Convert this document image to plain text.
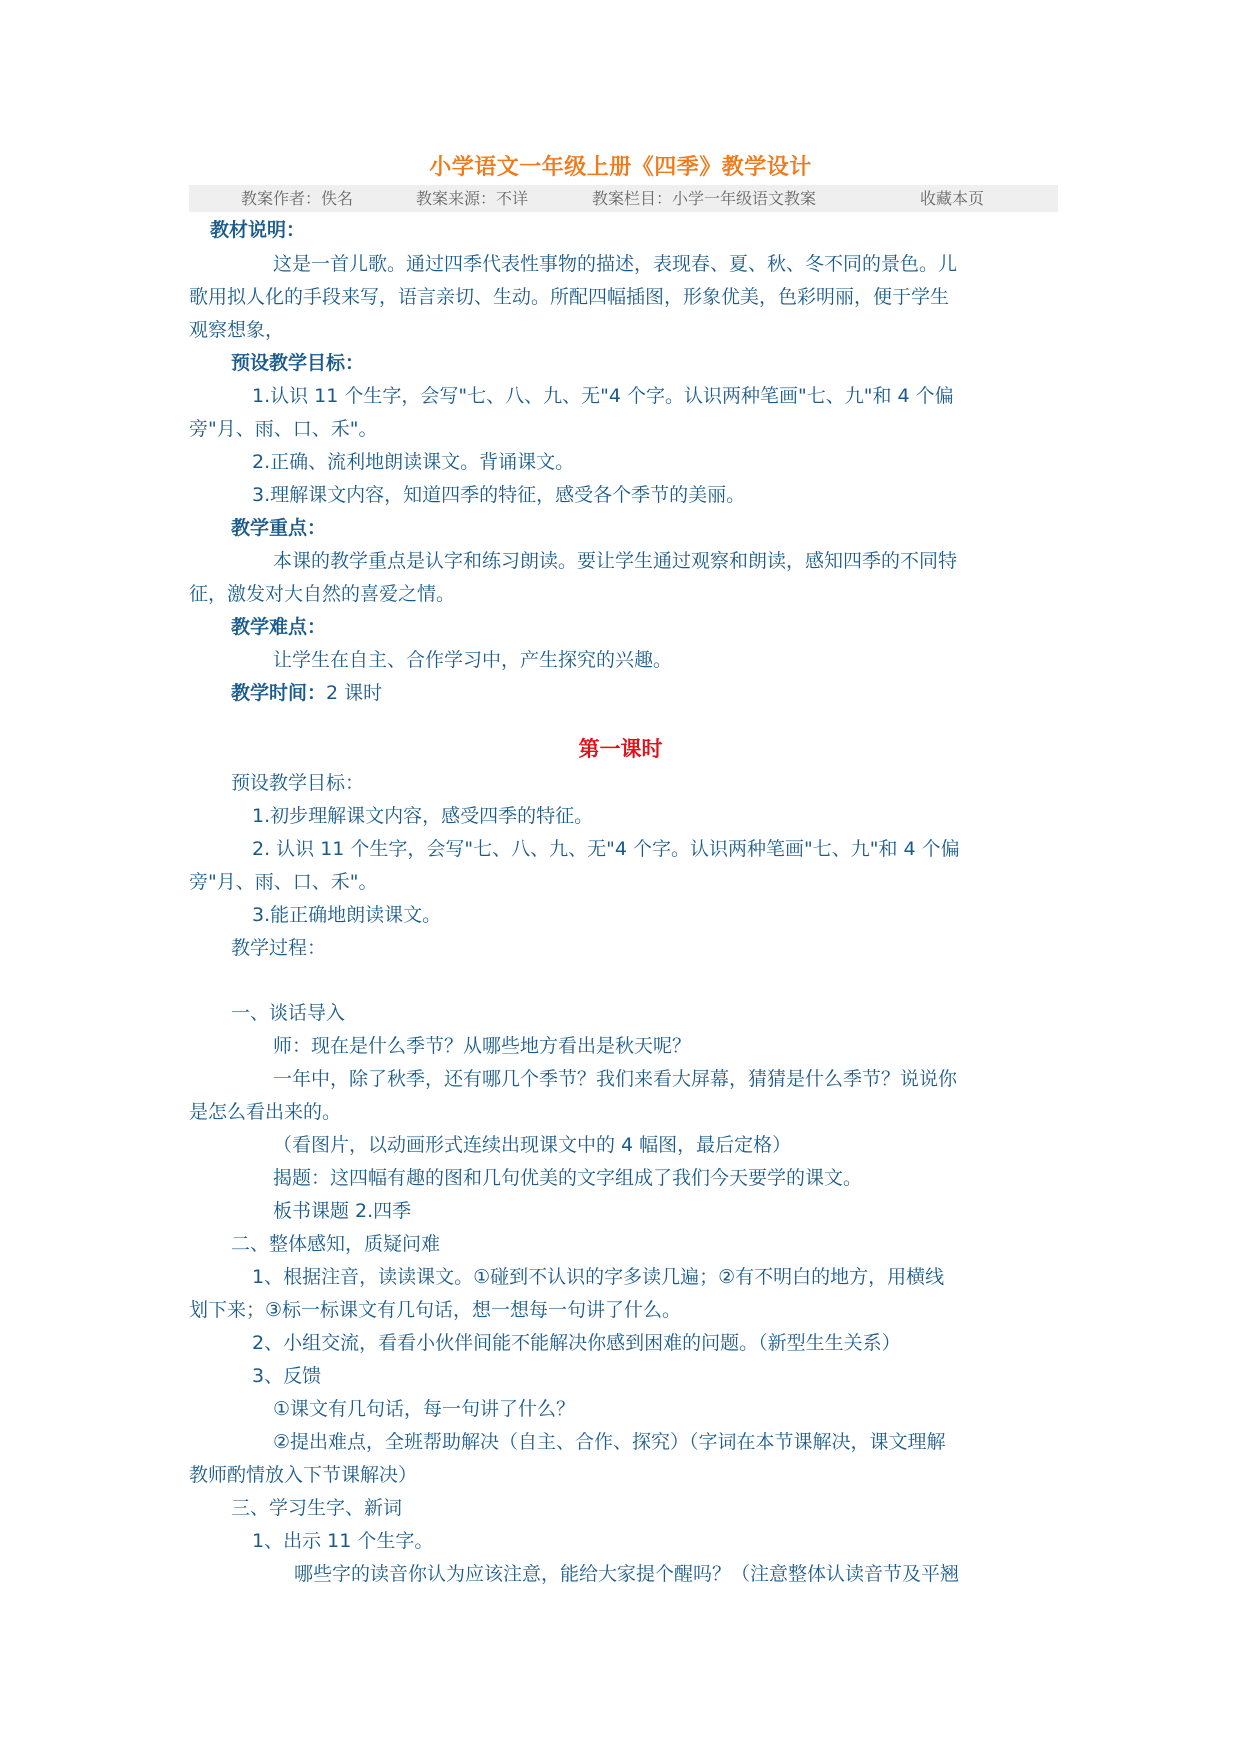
小学语文一年级上册《四季》教学设计
教案作者：佚名	教案来源：不详	教案栏目：小学一年级语文教案	收藏本页
教材说明：
这是一首儿歌。通过四季代表性事物的描述，表现春、夏、秋、冬不同的景色。儿
歌用拟人化的手段来写，语言亲切、生动。所配四幅插图，形象优美，色彩明丽，便于学生
观察想象，
预设教学目标：
1.认识 11 个生字，会写"七、八、九、无"4 个字。认识两种笔画"七、九"和 4 个偏
旁"月、雨、口、禾"。
2.正确、流利地朗读课文。背诵课文。
3.理解课文内容，知道四季的特征，感受各个季节的美丽。
教学重点：
本课的教学重点是认字和练习朗读。要让学生通过观察和朗读，感知四季的不同特
征，激发对大自然的喜爱之情。
教学难点：
让学生在自主、合作学习中，产生探究的兴趣。
教学时间：2 课时
第一课时
预设教学目标：
1.初步理解课文内容，感受四季的特征。
2. 认识 11 个生字，会写"七、八、九、无"4 个字。认识两种笔画"七、九"和 4 个偏
旁"月、雨、口、禾"。
3.能正确地朗读课文。
教学过程：
一、谈话导入
师：现在是什么季节？从哪些地方看出是秋天呢？
一年中，除了秋季，还有哪几个季节？我们来看大屏幕，猜猜是什么季节？说说你
是怎么看出来的。
（看图片，以动画形式连续出现课文中的 4 幅图，最后定格）
揭题：这四幅有趣的图和几句优美的文字组成了我们今天要学的课文。
板书课题 2.四季
二、整体感知，质疑问难
1、根据注音，读读课文。①碰到不认识的字多读几遍；②有不明白的地方，用横线
划下来；③标一标课文有几句话，想一想每一句讲了什么。
2、小组交流，看看小伙伴间能不能解决你感到困难的问题。（新型生生关系）
3、反馈
①课文有几句话，每一句讲了什么？
②提出难点，全班帮助解决（自主、合作、探究）（字词在本节课解决，课文理解
教师酌情放入下节课解决）
三、学习生字、新词
1、出示 11 个生字。
哪些字的读音你认为应该注意，能给大家提个醒吗？（注意整体认读音节及平翘
